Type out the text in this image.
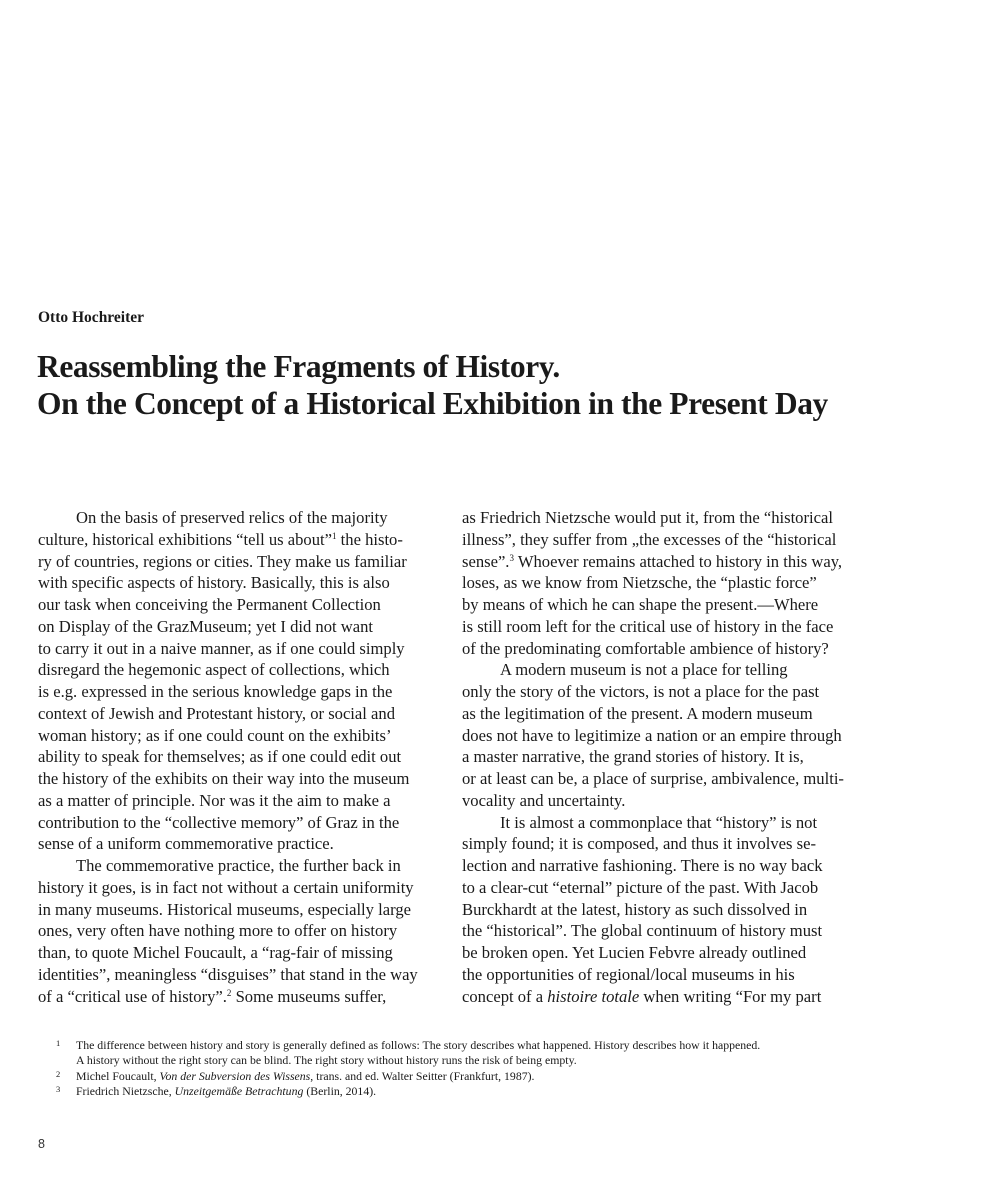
Otto Hochreiter

Reassembling the Fragments of History.
On the Concept of a Historical Exhibition in the Present Day
On the basis of preserved relics of the majority
culture, historical exhibitions “tell us about”$^1$ the histo-
ry of countries, regions or cities. They make us familiar
with specific aspects of history. Basically, this is also
our task when conceiving the Permanent Collection
on Display of the GrazMuseum; yet I did not want
to carry it out in a naive manner, as if one could simply
disregard the hegemonic aspect of collections, which
is e.g. expressed in the serious knowledge gaps in the
context of Jewish and Protestant history, or social and
woman history; as if one could count on the exhibits’
ability to speak for themselves; as if one could edit out
the history of the exhibits on their way into the museum
as a matter of principle. Nor was it the aim to make a
contribution to the “collective memory” of Graz in the
sense of a uniform commemorative practice.
The commemorative practice, the further back in
history it goes, is in fact not without a certain uniformity
in many museums. Historical museums, especially large
ones, very often have nothing more to offer on history
than, to quote Michel Foucault, a “rag-fair of missing
identities”, meaningless “disguises” that stand in the way
of a “critical use of history”.$^2$ Some museums suffer,
as Friedrich Nietzsche would put it, from the “historical
illness”, they suffer from „the excesses of the “historical
sense”.$^3$ Whoever remains attached to history in this way,
loses, as we know from Nietzsche, the “plastic force”
by means of which he can shape the present.—Where
is still room left for the critical use of history in the face
of the predominating comfortable ambience of history?
A modern museum is not a place for telling
only the story of the victors, is not a place for the past
as the legitimation of the present. A modern museum
does not have to legitimize a nation or an empire through
a master narrative, the grand stories of history. It is,
or at least can be, a place of surprise, ambivalence, multi-
vocality and uncertainty.
It is almost a commonplace that “history” is not
simply found; it is composed, and thus it involves se-
lection and narrative fashioning. There is no way back
to a clear-cut “eternal” picture of the past. With Jacob
Burckhardt at the latest, history as such dissolved in
the “historical”. The global continuum of history must
be broken open. Yet Lucien Febvre already outlined
the opportunities of regional/local museums in his
concept of a histoire totale when writing “For my part
1 The difference between history and story is generally defined as follows: The story describes what happened. History describes how it happened.
A history without the right story can be blind. The right story without history runs the risk of being empty.
2 Michel Foucault, Von der Subversion des Wissens, trans. and ed. Walter Seitter (Frankfurt, 1987).
3 Friedrich Nietzsche, Unzeitgemäße Betrachtung (Berlin, 2014).
8
